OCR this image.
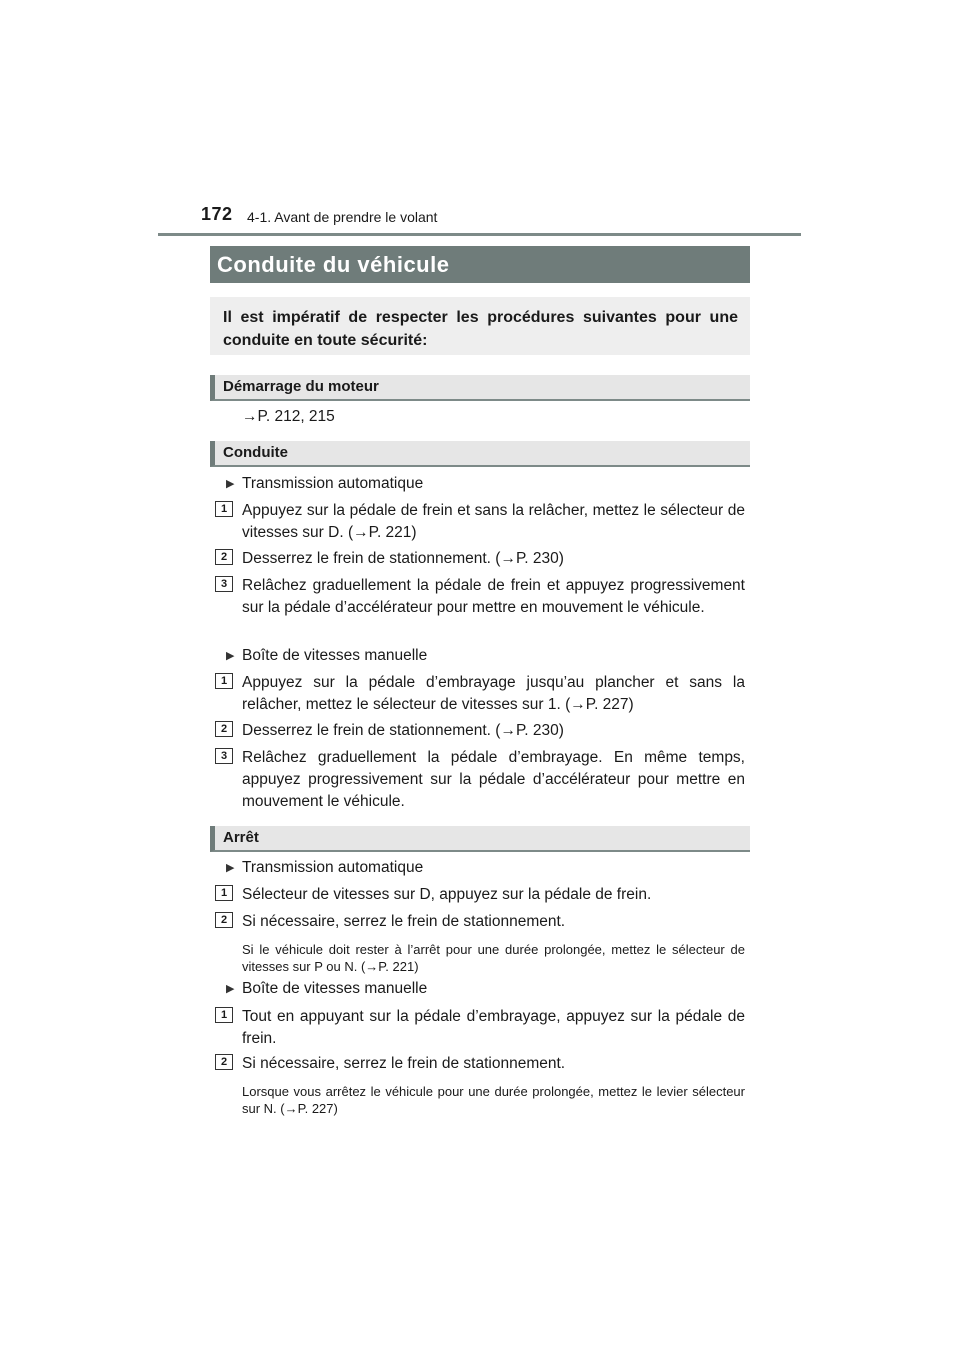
172 4-1. Avant de prendre le volant
Conduite du véhicule
Il est impératif de respecter les procédures suivantes pour une conduite en toute sécurité:
Démarrage du moteur
→P. 212, 215
Conduite
▶ Transmission automatique
1 Appuyez sur la pédale de frein et sans la relâcher, mettez le sélecteur de vitesses sur D. (→P. 221)
2 Desserrez le frein de stationnement. (→P. 230)
3 Relâchez graduellement la pédale de frein et appuyez progressivement sur la pédale d’accélérateur pour mettre en mouvement le véhicule.
▶ Boîte de vitesses manuelle
1 Appuyez sur la pédale d’embrayage jusqu’au plancher et sans la relâcher, mettez le sélecteur de vitesses sur 1. (→P. 227)
2 Desserrez le frein de stationnement. (→P. 230)
3 Relâchez graduellement la pédale d’embrayage. En même temps, appuyez progressivement sur la pédale d’accélérateur pour mettre en mouvement le véhicule.
Arrêt
▶ Transmission automatique
1 Sélecteur de vitesses sur D, appuyez sur la pédale de frein.
2 Si nécessaire, serrez le frein de stationnement.
Si le véhicule doit rester à l’arrêt pour une durée prolongée, mettez le sélecteur de vitesses sur P ou N. (→P. 221)
▶ Boîte de vitesses manuelle
1 Tout en appuyant sur la pédale d’embrayage, appuyez sur la pédale de frein.
2 Si nécessaire, serrez le frein de stationnement.
Lorsque vous arrêtez le véhicule pour une durée prolongée, mettez le levier sélecteur sur N. (→P. 227)
